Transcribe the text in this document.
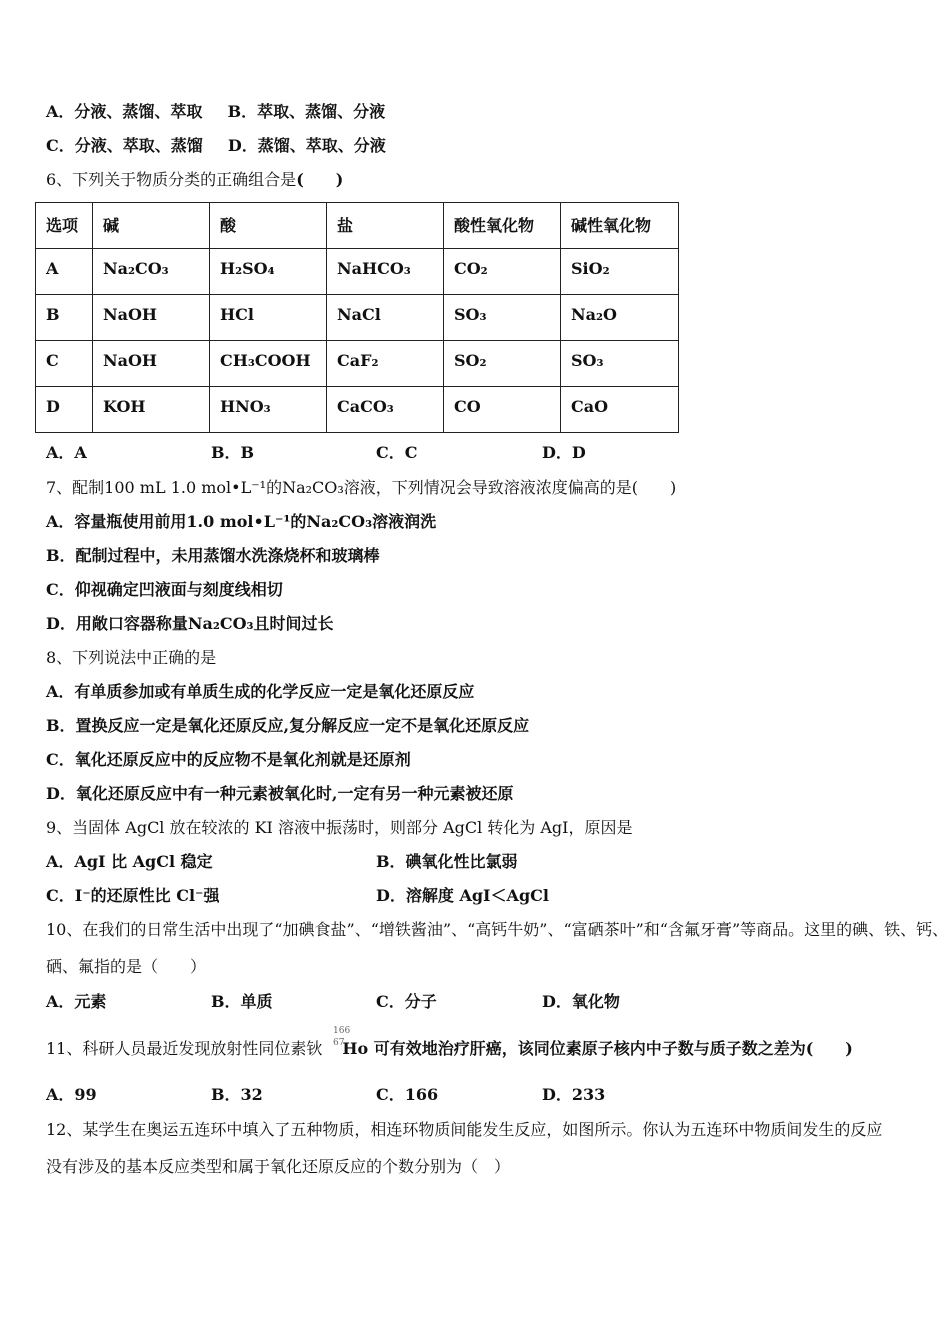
A．分液、蒸馏、萃取 B．萃取、蒸馏、分液
C．分液、萃取、蒸馏 D．蒸馏、萃取、分液
6、下列关于物质分类的正确组合是(　　)
选项	碱	酸	盐	酸性氧化物	碱性氧化物
A	Na₂CO₃	H₂SO₄	NaHCO₃	CO₂	SiO₂
B	NaOH	HCl	NaCl	SO₃	Na₂O
C	NaOH	CH₃COOH	CaF₂	SO₂	SO₃
D	KOH	HNO₃	CaCO₃	CO	CaO
A．A	B．B	C．C	D．D
7、配制100 mL 1.0 mol•L⁻¹的Na₂CO₃溶液，下列情况会导致溶液浓度偏高的是(　　)
A．容量瓶使用前用1.0 mol•L⁻¹的Na₂CO₃溶液润洗
B．配制过程中，未用蒸馏水洗涤烧杯和玻璃棒
C．仰视确定凹液面与刻度线相切
D．用敞口容器称量Na₂CO₃且时间过长
8、下列说法中正确的是
A．有单质参加或有单质生成的化学反应一定是氧化还原反应
B．置换反应一定是氧化还原反应,复分解反应一定不是氧化还原反应
C．氧化还原反应中的反应物不是氧化剂就是还原剂
D．氧化还原反应中有一种元素被氧化时,一定有另一种元素被还原
9、当固体 AgCl 放在较浓的 KI 溶液中振荡时，则部分 AgCl 转化为 AgI，原因是
A．AgI 比 AgCl 稳定	B．碘氧化性比氯弱
C．I⁻的还原性比 Cl⁻强	D．溶解度 AgI＜AgCl
10、在我们的日常生活中出现了“加碘食盐”、“增铁酱油”、“高钙牛奶”、“富硒茶叶”和“含氟牙膏”等商品。这里的碘、铁、钙、
硒、氟指的是（　　）
A．元素	B．单质	C．分子	D．氧化物
11、科研人员最近发现放射性同位素钬 Ho 可有效地治疗肝癌，该同位素原子核内中子数与质子数之差为(　　)
166
67
A．99	B．32	C．166	D．233
12、某学生在奥运五连环中填入了五种物质，相连环物质间能发生反应，如图所示。你认为五连环中物质间发生的反应
没有涉及的基本反应类型和属于氧化还原反应的个数分别为（　）
